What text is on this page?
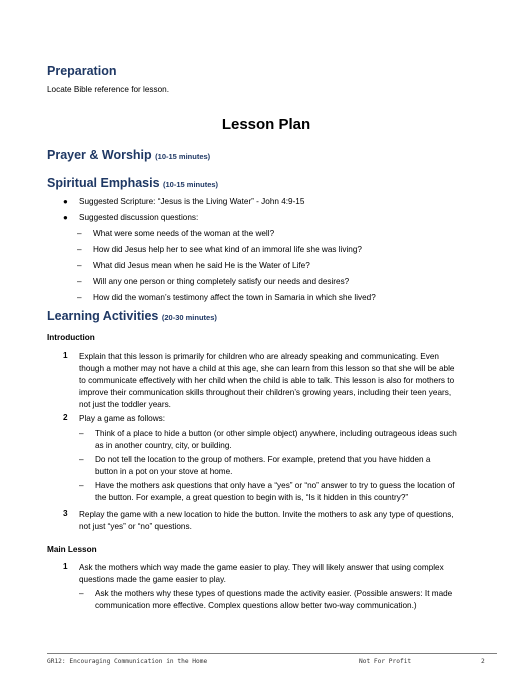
Preparation
Locate Bible reference for lesson.
Lesson Plan
Prayer & Worship (10-15 minutes)
Spiritual Emphasis (10-15 minutes)
● Suggested Scripture: “Jesus is the Living Water” - John 4:9-15
● Suggested discussion questions:
– What were some needs of the woman at the well?
– How did Jesus help her to see what kind of an immoral life she was living?
– What did Jesus mean when he said He is the Water of Life?
– Will any one person or thing completely satisfy our needs and desires?
– How did the woman’s testimony affect the town in Samaria in which she lived?
Learning Activities (20-30 minutes)
Introduction
1 Explain that this lesson is primarily for children who are already speaking and communicating. Even
though a mother may not have a child at this age, she can learn from this lesson so that she will be able
to communicate effectively with her child when the child is able to talk. This lesson is also for mothers to
improve their communication skills throughout their children’s growing years, including their teen years,
not just the toddler years.
2 Play a game as follows:
– Think of a place to hide a button (or other simple object) anywhere, including outrageous ideas such
as in another country, city, or building.
– Do not tell the location to the group of mothers. For example, pretend that you have hidden a
button in a pot on your stove at home.
– Have the mothers ask questions that only have a “yes” or “no” answer to try to guess the location of
the button. For example, a great question to begin with is, “Is it hidden in this country?”
3 Replay the game with a new location to hide the button. Invite the mothers to ask any type of questions,
not just “yes” or “no” questions.
Main Lesson
1 Ask the mothers which way made the game easier to play. They will likely answer that using complex
questions made the game easier to play.
– Ask the mothers why these types of questions made the activity easier. (Possible answers: It made
communication more effective. Complex questions allow better two-way communication.)
GR12: Encouraging Communication in the Home	Not For Profit	2
